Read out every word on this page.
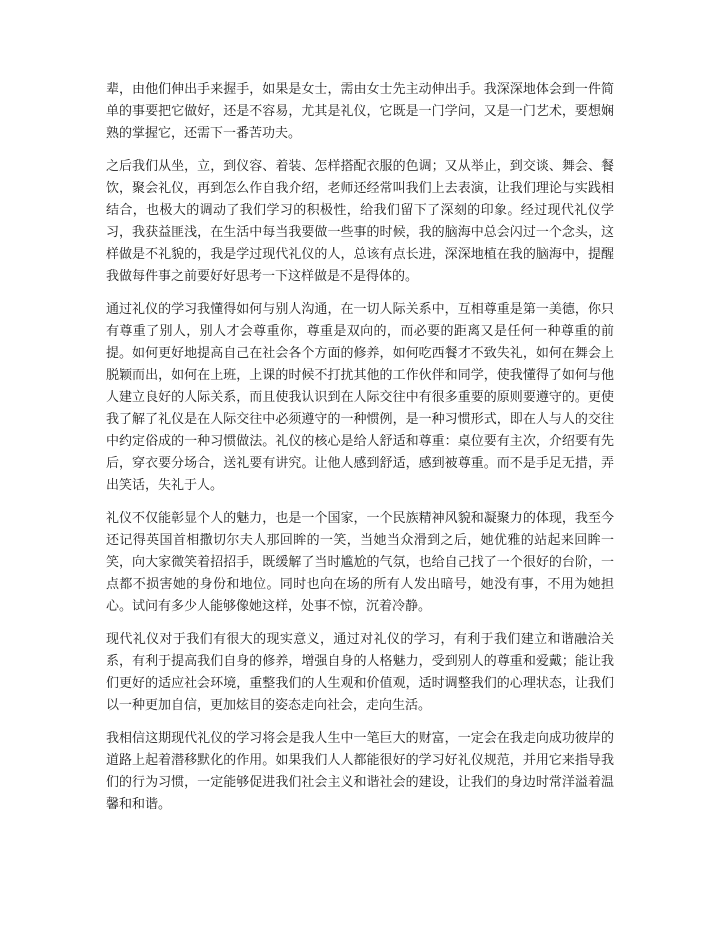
辈，由他们伸出手来握手，如果是女士，需由女士先主动伸出手。我深深地体会到一件简单的事要把它做好，还是不容易，尤其是礼仪，它既是一门学问，又是一门艺术，要想娴熟的掌握它，还需下一番苦功夫。

之后我们从坐，立，到仪容、着装、怎样搭配衣服的色调；又从举止，到交谈、舞会、餐饮，聚会礼仪，再到怎么作自我介绍，老师还经常叫我们上去表演，让我们理论与实践相结合，也极大的调动了我们学习的积极性，给我们留下了深刻的印象。经过现代礼仪学习，我获益匪浅，在生活中每当我要做一些事的时候，我的脑海中总会闪过一个念头，这样做是不礼貌的，我是学过现代礼仪的人，总该有点长进，深深地植在我的脑海中，提醒我做每件事之前要好好思考一下这样做是不是得体的。

通过礼仪的学习我懂得如何与别人沟通，在一切人际关系中，互相尊重是第一美德，你只有尊重了别人，别人才会尊重你，尊重是双向的，而必要的距离又是任何一种尊重的前提。如何更好地提高自己在社会各个方面的修养，如何吃西餐才不致失礼，如何在舞会上脱颖而出，如何在上班，上课的时候不打扰其他的工作伙伴和同学，使我懂得了如何与他人建立良好的人际关系，而且使我认识到在人际交往中有很多重要的原则要遵守的。更使我了解了礼仪是在人际交往中必须遵守的一种惯例，是一种习惯形式，即在人与人的交往中约定俗成的一种习惯做法。礼仪的核心是给人舒适和尊重：桌位要有主次，介绍要有先后，穿衣要分场合，送礼要有讲究。让他人感到舒适，感到被尊重。而不是手足无措，弄出笑话，失礼于人。

礼仪不仅能彰显个人的魅力，也是一个国家，一个民族精神风貌和凝聚力的体现，我至今还记得英国首相撒切尔夫人那回眸的一笑，当她当众滑到之后，她优雅的站起来回眸一笑，向大家微笑着招招手，既缓解了当时尴尬的气氛，也给自己找了一个很好的台阶，一点都不损害她的身份和地位。同时也向在场的所有人发出暗号，她没有事，不用为她担心。试问有多少人能够像她这样，处事不惊，沉着冷静。

现代礼仪对于我们有很大的现实意义，通过对礼仪的学习，有利于我们建立和谐融洽关系，有利于提高我们自身的修养，增强自身的人格魅力，受到别人的尊重和爱戴；能让我们更好的适应社会环境，重整我们的人生观和价值观，适时调整我们的心理状态，让我们以一种更加自信，更加炫目的姿态走向社会，走向生活。

我相信这期现代礼仪的学习将会是我人生中一笔巨大的财富，一定会在我走向成功彼岸的道路上起着潜移默化的作用。如果我们人人都能很好的学习好礼仪规范，并用它来指导我们的行为习惯，一定能够促进我们社会主义和谐社会的建设，让我们的身边时常洋溢着温馨和和谐。
